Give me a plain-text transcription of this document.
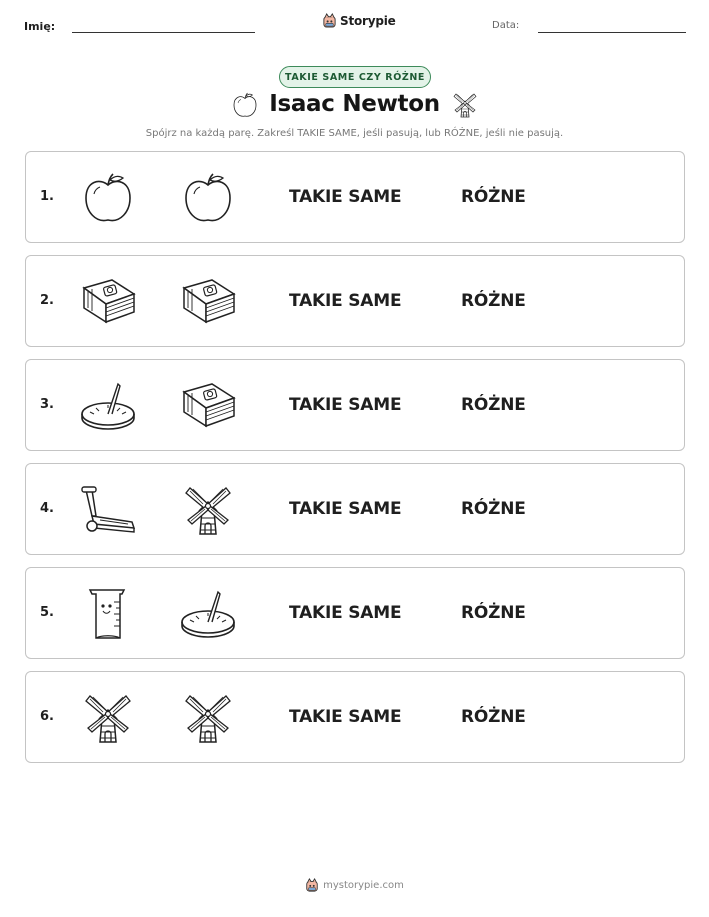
Imię:	Storypie	Data:
TAKIE SAME CZY RÓŻNE
Isaac Newton
Spójrz na każdą parę. Zakreśl TAKIE SAME, jeśli pasują, lub RÓŻNE, jeśli nie pasują.
1.	TAKIE SAME	RÓŻNE
2.	TAKIE SAME	RÓŻNE
3.	TAKIE SAME	RÓŻNE
4.	TAKIE SAME	RÓŻNE
5.	TAKIE SAME	RÓŻNE
6.	TAKIE SAME	RÓŻNE
mystorypie.com
